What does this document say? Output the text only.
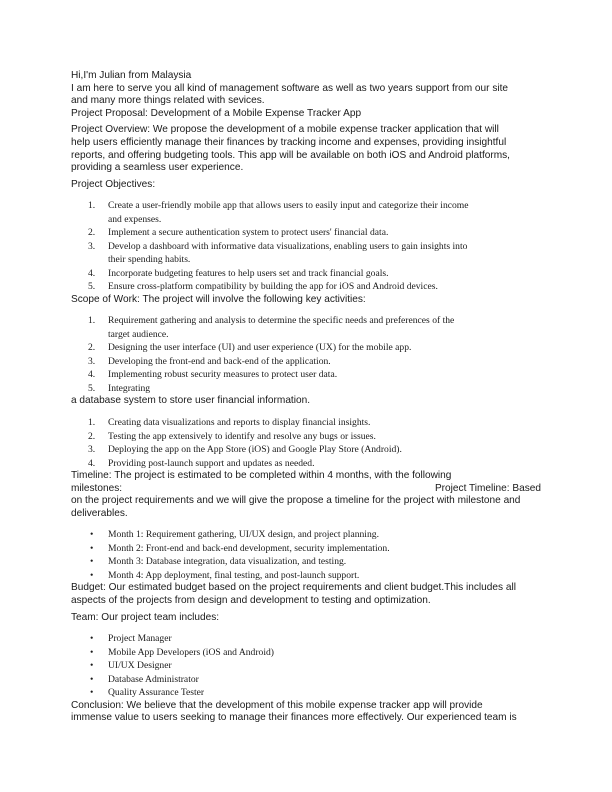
Hi,I'm Julian from Malaysia

I am here to serve you all kind of management software as well as two years support from our site

and many more things related with sevices.

Project Proposal: Development of a Mobile Expense Tracker App

Project Overview: We propose the development of a mobile expense tracker application that will

help users efficiently manage their finances by tracking income and expenses, providing insightful

reports, and offering budgeting tools. This app will be available on both iOS and Android platforms,

providing a seamless user experience.

Project Objectives:

1. Create a user-friendly mobile app that allows users to easily input and categorize their income
and expenses.
2. Implement a secure authentication system to protect users' financial data.
3. Develop a dashboard with informative data visualizations, enabling users to gain insights into
their spending habits.
4. Incorporate budgeting features to help users set and track financial goals.
5. Ensure cross-platform compatibility by building the app for iOS and Android devices.

Scope of Work: The project will involve the following key activities:

1. Requirement gathering and analysis to determine the specific needs and preferences of the
target audience.
2. Designing the user interface (UI) and user experience (UX) for the mobile app.
3. Developing the front-end and back-end of the application.
4. Implementing robust security measures to protect user data.
5. Integrating

a database system to store user financial information.

1. Creating data visualizations and reports to display financial insights.
2. Testing the app extensively to identify and resolve any bugs or issues.
3. Deploying the app on the App Store (iOS) and Google Play Store (Android).
4. Providing post-launch support and updates as needed.

Timeline: The project is estimated to be completed within 4 months, with the following

milestones:	Project Timeline: Based

on the project requirements and we will give the propose a timeline for the project with milestone and

deliverables.

• Month 1: Requirement gathering, UI/UX design, and project planning.
• Month 2: Front-end and back-end development, security implementation.
• Month 3: Database integration, data visualization, and testing.
• Month 4: App deployment, final testing, and post-launch support.

Budget: Our estimated budget based on the project requirements and client budget.This includes all

aspects of the projects from design and development to testing and optimization.

Team: Our project team includes:

• Project Manager
• Mobile App Developers (iOS and Android)
• UI/UX Designer
• Database Administrator
• Quality Assurance Tester

Conclusion: We believe that the development of this mobile expense tracker app will provide

immense value to users seeking to manage their finances more effectively. Our experienced team is
